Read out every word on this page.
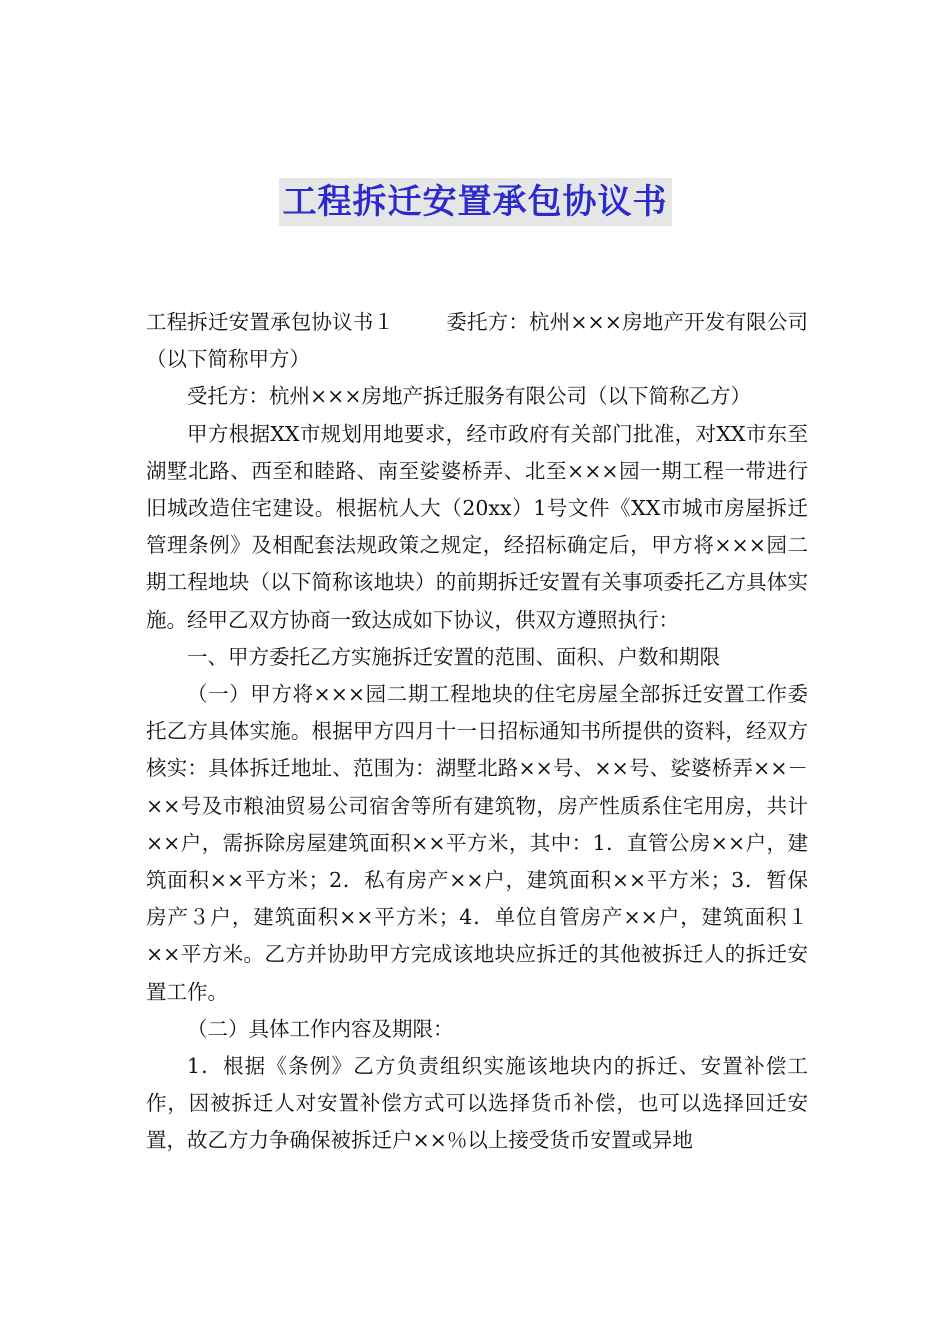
工程拆迁安置承包协议书

工程拆迁安置承包协议书１	委托方：杭州×××房地产开发有限公司（以下简称甲方）

受托方：杭州×××房地产拆迁服务有限公司（以下简称乙方）

甲方根据XX市规划用地要求，经市政府有关部门批准，对XX市东至湖墅北路、西至和睦路、南至娑婆桥弄、北至×××园一期工程一带进行旧城改造住宅建设。根据杭人大（20xx）1号文件《XX市城市房屋拆迁管理条例》及相配套法规政策之规定，经招标确定后，甲方将×××园二期工程地块（以下简称该地块）的前期拆迁安置有关事项委托乙方具体实施。经甲乙双方协商一致达成如下协议，供双方遵照执行：

一、甲方委托乙方实施拆迁安置的范围、面积、户数和期限

（一）甲方将×××园二期工程地块的住宅房屋全部拆迁安置工作委托乙方具体实施。根据甲方四月十一日招标通知书所提供的资料，经双方核实：具体拆迁地址、范围为：湖墅北路××号、××号、娑婆桥弄××－××号及市粮油贸易公司宿舍等所有建筑物，房产性质系住宅用房，共计××户，需拆除房屋建筑面积××平方米，其中：1．直管公房××户，建筑面积××平方米；2．私有房产××户，建筑面积××平方米；3．暂保房产３户，建筑面积××平方米；4．单位自管房产××户，建筑面积１××平方米。乙方并协助甲方完成该地块应拆迁的其他被拆迁人的拆迁安置工作。

（二）具体工作内容及期限：

1．根据《条例》乙方负责组织实施该地块内的拆迁、安置补偿工作，因被拆迁人对安置补偿方式可以选择货币补偿，也可以选择回迁安置，故乙方力争确保被拆迁户××％以上接受货币安置或异地
